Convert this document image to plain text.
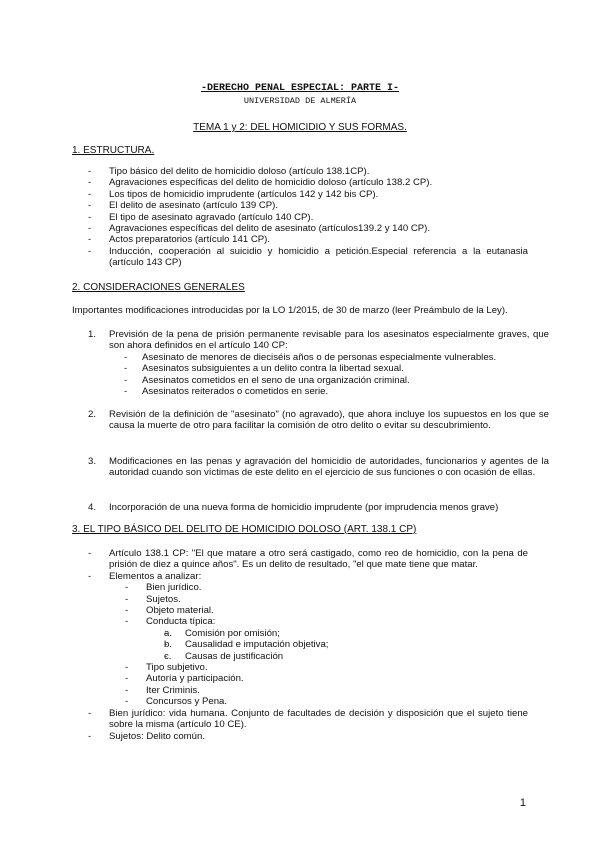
-DERECHO PENAL ESPECIAL: PARTE I-
UNIVERSIDAD DE ALMERÍA
TEMA 1 y 2: DEL HOMICIDIO Y SUS FORMAS.
1. ESTRUCTURA.
- Tipo básico del delito de homicidio doloso (artículo 138.1CP).
- Agravaciones específicas del delito de homicidio doloso (artículo 138.2 CP).
- Los tipos de homicidio imprudente (artículos 142 y 142 bis CP).
- El delito de asesinato (artículo 139 CP).
- El tipo de asesinato agravado (artículo 140 CP).
- Agravaciones específicas del delito de asesinato (artículos139.2 y 140 CP).
- Actos preparatorios (artículo 141 CP).
- Inducción, cooperación al suicidio y homicidio a petición.Especial referencia a la eutanasia (artículo 143 CP)
2. CONSIDERACIONES GENERALES
Importantes modificaciones introducidas por la LO 1/2015, de 30 de marzo (leer Preámbulo de la Ley).
1. Previsión de la pena de prisión permanente revisable para los asesinatos especialmente graves, que son ahora definidos en el artículo 140 CP:
- Asesinato de menores de dieciséis años o de personas especialmente vulnerables.
- Asesinatos subsiguientes a un delito contra la libertad sexual.
- Asesinatos cometidos en el seno de una organización criminal.
- Asesinatos reiterados o cometidos en serie.
2. Revisión de la definición de "asesinato" (no agravado), que ahora incluye los supuestos en los que se causa la muerte de otro para facilitar la comisión de otro delito o evitar su descubrimiento.
3. Modificaciones en las penas y agravación del homicidio de autoridades, funcionarios y agentes de la autoridad cuando son víctimas de este delito en el ejercicio de sus funciones o con ocasión de ellas.
4. Incorporación de una nueva forma de homicidio imprudente (por imprudencia menos grave)
3. EL TIPO BÁSICO DEL DELITO DE HOMICIDIO DOLOSO (ART. 138.1 CP)
- Artículo 138.1 CP: "El que matare a otro será castigado, como reo de homicidio, con la pena de prisión de diez a quince años". Es un delito de resultado, "el que mate tiene que matar.
- Elementos a analizar:
- Bien jurídico.
- Sujetos.
- Objeto material.
- Conducta típica:
- a. Comisión por omisión;
- b. Causalidad e imputación objetiva;
- c. Causas de justificación
- Tipo subjetivo.
- Autoría y participación.
- Iter Criminis.
- Concursos y Pena.
- Bien jurídico: vida humana. Conjunto de facultades de decisión y disposición que el sujeto tiene sobre la misma (artículo 10 CE).
- Sujetos: Delito común.
1
